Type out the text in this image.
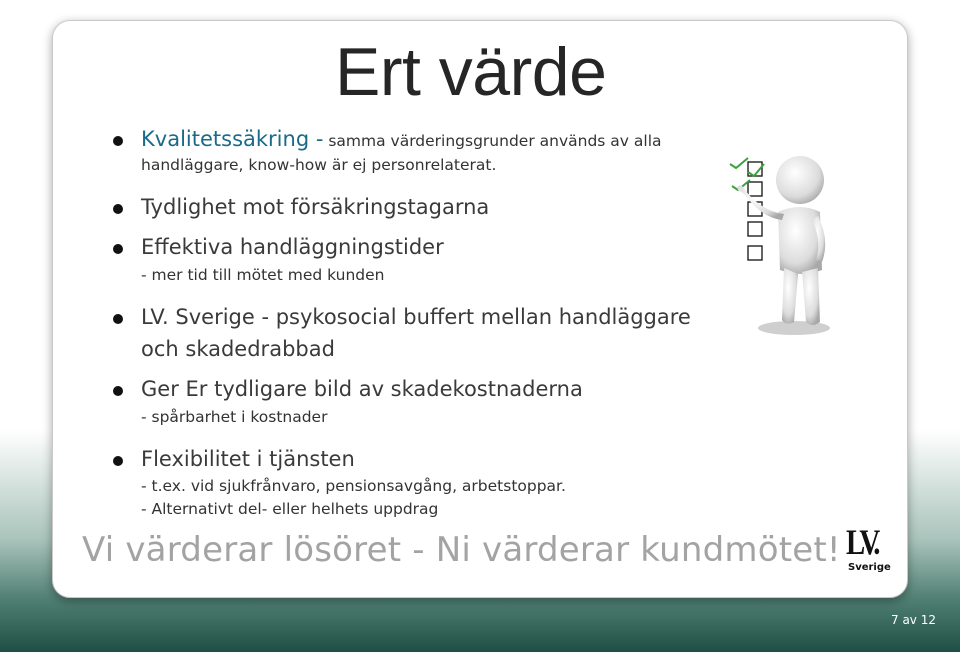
Ert värde
Kvalitetssäkring - samma värderingsgrunder används av alla
handläggare, know-how är ej personrelaterat.
Tydlighet mot försäkringstagarna
Effektiva handläggningstider
- mer tid till mötet med kunden
LV. Sverige - psykosocial buffert mellan handläggare
och skadedrabbad
Ger Er tydligare bild av skadekostnaderna
- spårbarhet i kostnader
Flexibilitet i tjänsten
- t.ex. vid sjukfrånvaro, pensionsavgång, arbetstoppar.
- Alternativt del- eller helhets uppdrag
Vi värderar lösöret - Ni värderar kundmötet! LV.
Sverige
7 av 12
